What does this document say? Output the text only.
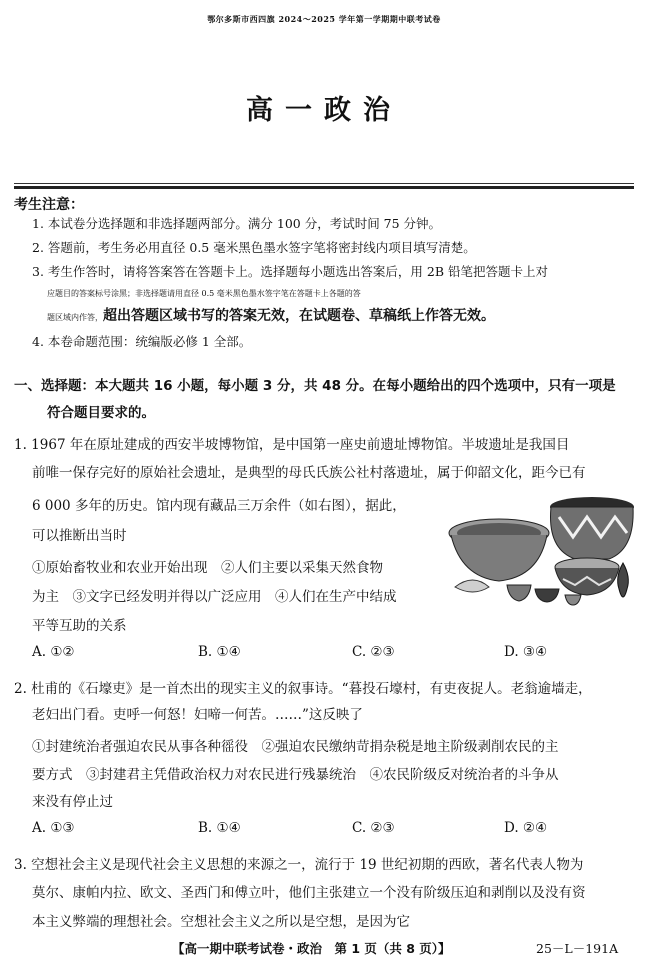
鄂尔多斯市西四旗 2024～2025 学年第一学期期中联考试卷
高一政治
考生注意：
1. 本试卷分选择题和非选择题两部分。满分 100 分，考试时间 75 分钟。
2. 答题前，考生务必用直径 0.5 毫米黑色墨水签字笔将密封线内项目填写清楚。
3. 考生作答时，请将答案答在答题卡上。选择题每小题选出答案后，用 2B 铅笔把答题卡上对
应题目的答案标号涂黑；非选择题请用直径 0.5 毫米黑色墨水签字笔在答题卡上各题的答
题区域内作答，超出答题区域书写的答案无效，在试题卷、草稿纸上作答无效。
4. 本卷命题范围：统编版必修 1 全部。
一、选择题：本大题共 16 小题，每小题 3 分，共 48 分。在每小题给出的四个选项中，只有一项是
符合题目要求的。
1. 1967 年在原址建成的西安半坡博物馆，是中国第一座史前遗址博物馆。半坡遗址是我国目
前唯一保存完好的原始社会遗址，是典型的母氏氏族公社村落遗址，属于仰韶文化，距今已有
6 000 多年的历史。馆内现有藏品三万余件（如右图），据此，
可以推断出当时
①原始畜牧业和农业开始出现　②人们主要以采集天然食物
为主　③文字已经发明并得以广泛应用　④人们在生产中结成
平等互助的关系
A. ①②	B. ①④	C. ②③	D. ③④
2. 杜甫的《石壕吏》是一首杰出的现实主义的叙事诗。“暮投石壕村，有吏夜捉人。老翁逾墙走，
老妇出门看。吏呼一何怒！妇啼一何苦。……”这反映了
①封建统治者强迫农民从事各种徭役　②强迫农民缴纳苛捐杂税是地主阶级剥削农民的主
要方式　③封建君主凭借政治权力对农民进行残暴统治　④农民阶级反对统治者的斗争从
来没有停止过
A. ①③	B. ①④	C. ②③	D. ②④
3. 空想社会主义是现代社会主义思想的来源之一，流行于 19 世纪初期的西欧，著名代表人物为
莫尔、康帕内拉、欧文、圣西门和傅立叶，他们主张建立一个没有阶级压迫和剥削以及没有资
本主义弊端的理想社会。空想社会主义之所以是空想，是因为它
【高一期中联考试卷・政治　第 1 页（共 8 页）】	25－L－191A
